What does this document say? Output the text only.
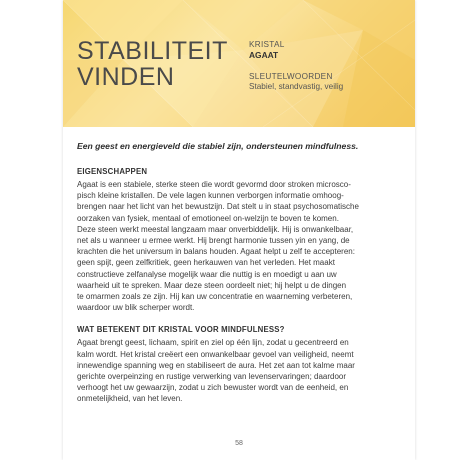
STABILITEIT
VINDEN
KRISTAL
AGAAT
SLEUTELWOORDEN
Stabiel, standvastig, veilig

Een geest en energieveld die stabiel zijn, ondersteunen mindfulness.

EIGENSCHAPPEN

Agaat is een stabiele, sterke steen die wordt gevormd door stroken microsco-
pisch kleine kristallen. De vele lagen kunnen verborgen informatie omhoog-
brengen naar het licht van het bewustzijn. Dat stelt u in staat psychosomatische
oorzaken van fysiek, mentaal of emotioneel on-welzijn te boven te komen.
Deze steen werkt meestal langzaam maar onverbiddelijk. Hij is onwankelbaar,
net als u wanneer u ermee werkt. Hij brengt harmonie tussen yin en yang, de
krachten die het universum in balans houden. Agaat helpt u zelf te accepteren:
geen spijt, geen zelfkritiek, geen herkauwen van het verleden. Het maakt
constructieve zelfanalyse mogelijk waar die nuttig is en moedigt u aan uw
waarheid uit te spreken. Maar deze steen oordeelt niet; hij helpt u de dingen
te omarmen zoals ze zijn. Hij kan uw concentratie en waarneming verbeteren,
waardoor uw blik scherper wordt.

WAT BETEKENT DIT KRISTAL VOOR MINDFULNESS?

Agaat brengt geest, lichaam, spirit en ziel op één lijn, zodat u gecentreerd en
kalm wordt. Het kristal creëert een onwankelbaar gevoel van veiligheid, neemt
innewendige spanning weg en stabiliseert de aura. Het zet aan tot kalme maar
gerichte overpeinzing en rustige verwerking van levenservaringen; daardoor
verhoogt het uw gewaarzijn, zodat u zich bewuster wordt van de eenheid, en
onmetelijkheid, van het leven.

58
